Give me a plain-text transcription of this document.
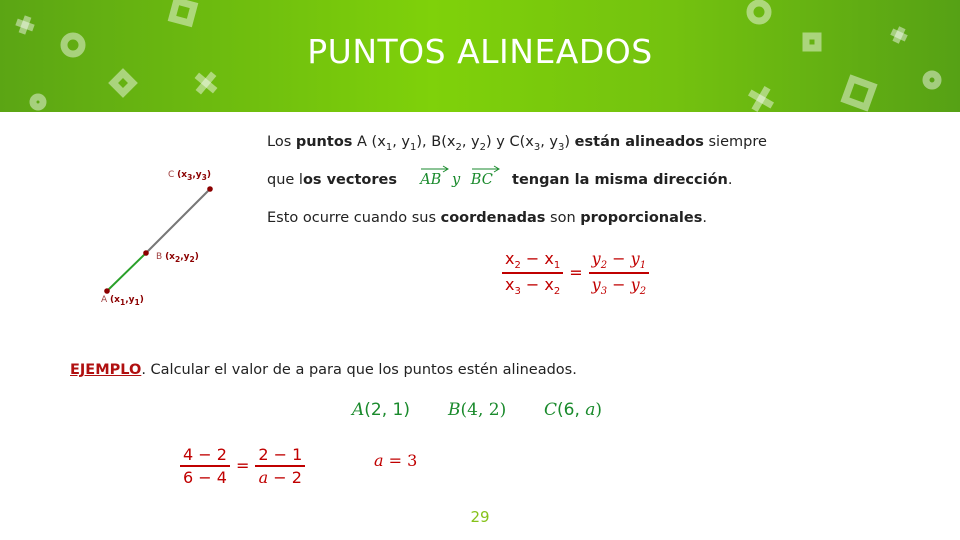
PUNTOS ALINEADOS
Los puntos A ($x_1$, $y_1$), $B(x_2$, $y_2$) y $C(x_3$, $y_3$) están alineados siempre
que los vectores AB y BC tengan la misma dirección.
Esto ocurre cuando sus coordenadas son proporcionales.
C $(x_3,y_3)$
B $(x_2,y_2)$
A $(x_1,y_1)$
$\frac{x_2 - x_1}{x_3 - x_2} = \frac{y_2 - y_1}{y_3 - y_2}$
EJEMPLO. Calcular el valor de a para que los puntos estén alineados.
A(2, 1) B(4, 2) C(6, a)
$\frac{4 - 2}{6 - 4} = \frac{2 - 1}{a - 2}$	a = 3
29
